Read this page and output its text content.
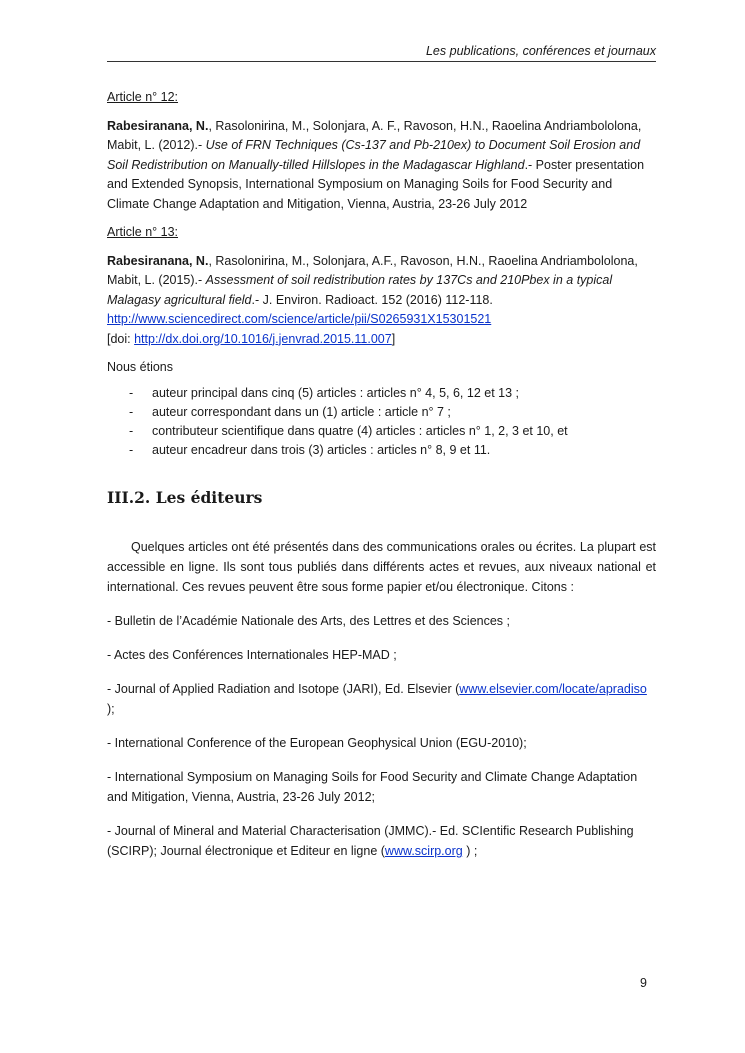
Les publications, conférences et journaux

Article n° 12:

Rabesiranana, N., Rasolonirina, M., Solonjara, A. F., Ravoson, H.N., Raoelina Andriambololona, Mabit, L. (2012).- Use of FRN Techniques (Cs-137 and Pb-210ex) to Document Soil Erosion and Soil Redistribution on Manually-tilled Hillslopes in the Madagascar Highland.- Poster presentation and Extended Synopsis, International Symposium on Managing Soils for Food Security and Climate Change Adaptation and Mitigation, Vienna, Austria, 23-26 July 2012

Article n° 13:

Rabesiranana, N., Rasolonirina, M., Solonjara, A.F., Ravoson, H.N., Raoelina Andriambololona, Mabit, L. (2015).- Assessment of soil redistribution rates by 137Cs and 210Pbex in a typical Malagasy agricultural field.- J. Environ. Radioact. 152 (2016) 112-118.
http://www.sciencedirect.com/science/article/pii/S0265931X15301521
[doi: http://dx.doi.org/10.1016/j.jenvrad.2015.11.007]

Nous étions

- auteur principal dans cinq (5) articles : articles n° 4, 5, 6, 12 et 13 ;
- auteur correspondant dans un (1) article : article n° 7 ;
- contributeur scientifique dans quatre (4) articles : articles n° 1, 2, 3 et 10, et
- auteur encadreur dans trois (3) articles : articles n° 8, 9 et 11.
III.2. Les éditeurs

Quelques articles ont été présentés dans des communications orales ou écrites. La plupart est accessible en ligne. Ils sont tous publiés dans différents actes et revues, aux niveaux national et international. Ces revues peuvent être sous forme papier et/ou électronique. Citons :

- Bulletin de l’Académie Nationale des Arts, des Lettres et des Sciences ;

- Actes des Conférences Internationales HEP-MAD ;

- Journal of Applied Radiation and Isotope (JARI), Ed. Elsevier (www.elsevier.com/locate/apradiso );

- International Conference of the European Geophysical Union (EGU-2010);

- International Symposium on Managing Soils for Food Security and Climate Change Adaptation and Mitigation, Vienna, Austria, 23-26 July 2012;

- Journal of Mineral and Material Characterisation (JMMC).- Ed. SCIentific Research Publishing (SCIRP); Journal électronique et Editeur en ligne (www.scirp.org ) ;

9
